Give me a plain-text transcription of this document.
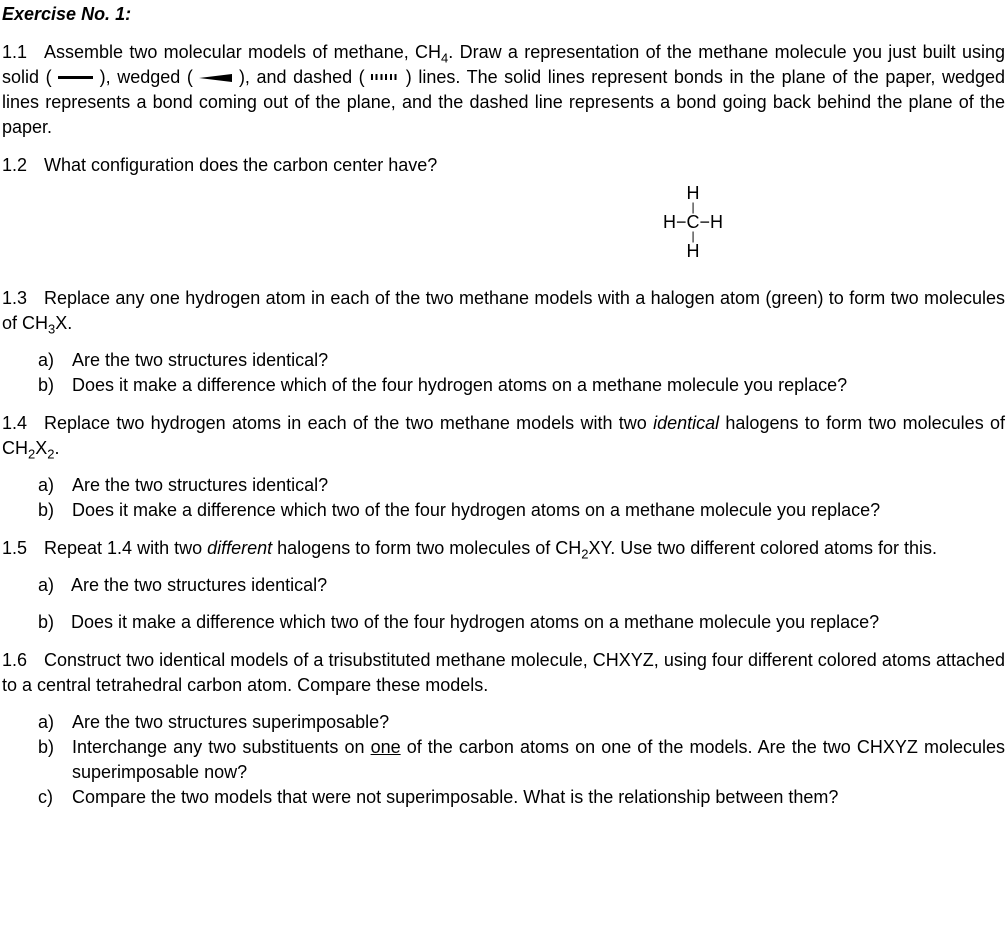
Exercise No. 1:

1.1 Assemble two molecular models of methane, $CH_4$. Draw a representation of the methane molecule you just built using solid (  ), wedged (  ), and dashed (  ) lines. The solid lines represent bonds in the plane of the paper, wedged lines represents a bond coming out of the plane, and the dashed line represents a bond going back behind the plane of the paper.

1.2 What configuration does the carbon center have?

H
|
H−C−H
|
H

1.3 Replace any one hydrogen atom in each of the two methane models with a halogen atom (green) to form two molecules of $CH_3X$.

a) Are the two structures identical?
b) Does it make a difference which of the four hydrogen atoms on a methane molecule you replace?

1.4 Replace two hydrogen atoms in each of the two methane models with two identical halogens to form two molecules of $CH_2X_2$.

a) Are the two structures identical?
b) Does it make a difference which two of the four hydrogen atoms on a methane molecule you replace?

1.5 Repeat 1.4 with two different halogens to form two molecules of $CH_2XY$. Use two different colored atoms for this.

a) Are the two structures identical?

b) Does it make a difference which two of the four hydrogen atoms on a methane molecule you replace?

1.6 Construct two identical models of a trisubstituted methane molecule, CHXYZ, using four different colored atoms attached to a central tetrahedral carbon atom. Compare these models.

a) Are the two structures superimposable?
b) Interchange any two substituents on one of the carbon atoms on one of the models. Are the two CHXYZ molecules superimposable now?
c) Compare the two models that were not superimposable. What is the relationship between them?
